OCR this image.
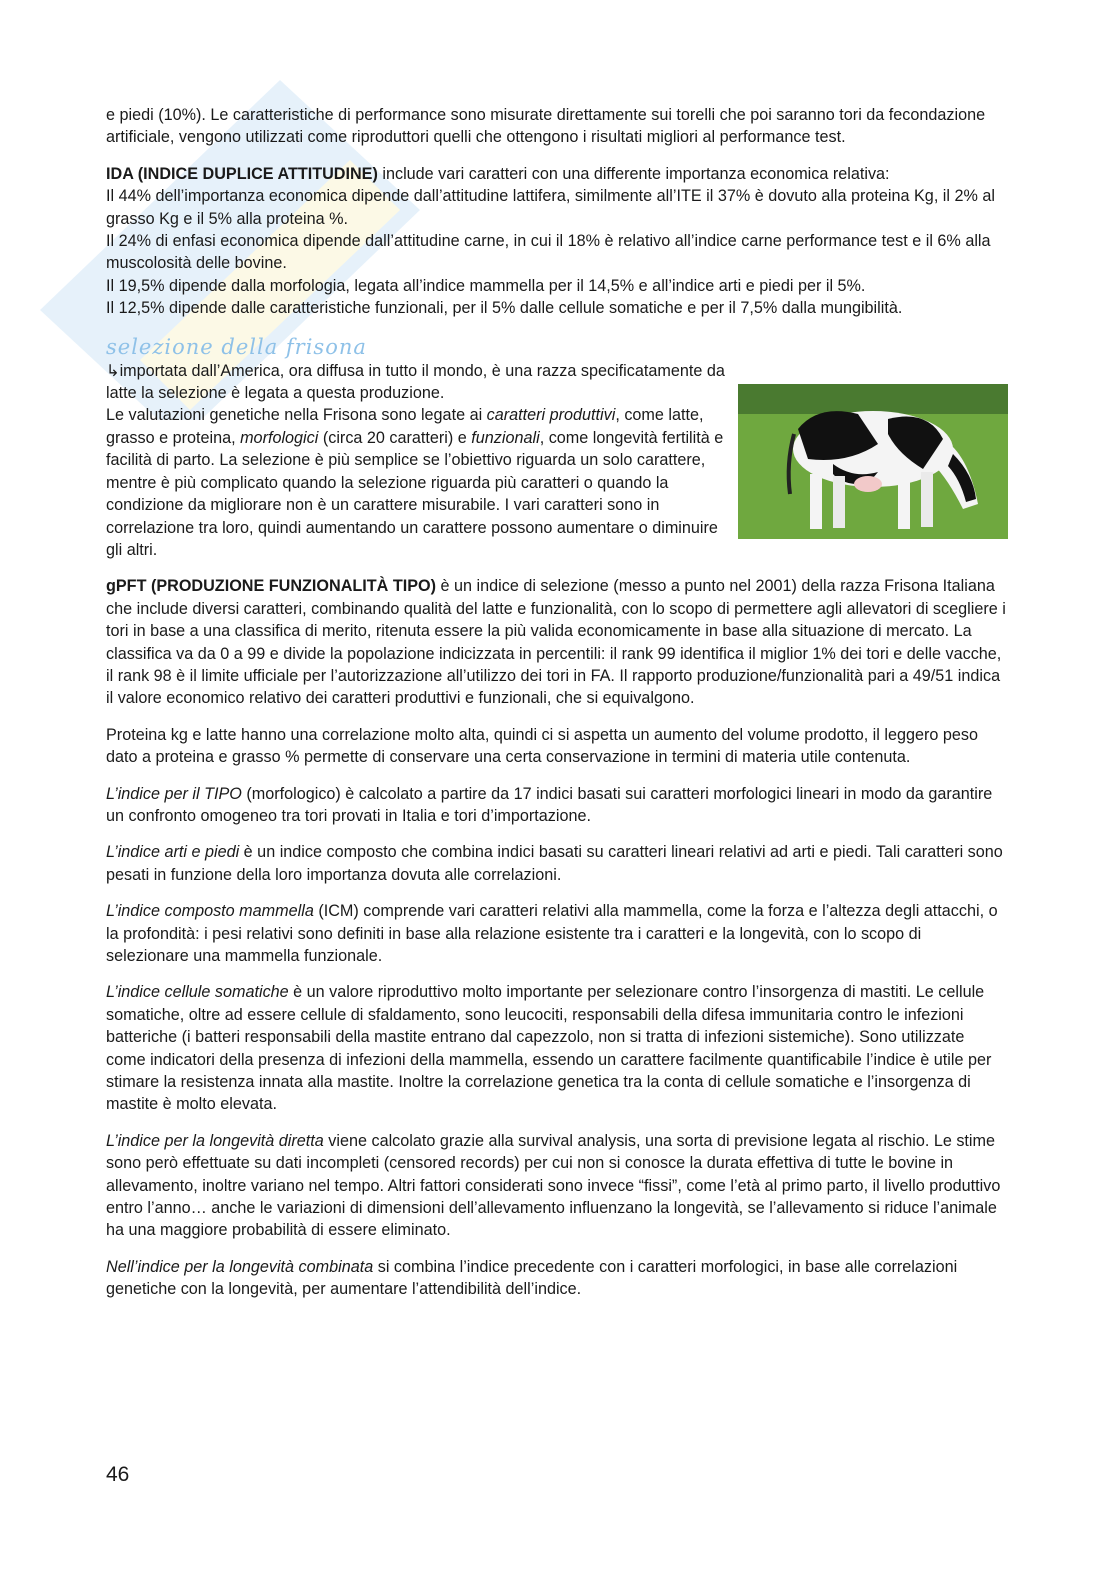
e piedi (10%). Le caratteristiche di performance sono misurate direttamente sui torelli che poi saranno tori da fecondazione artificiale, vengono utilizzati come riproduttori quelli che ottengono i risultati migliori al performance test.

IDA (INDICE DUPLICE ATTITUDINE) include vari caratteri con una differente importanza economica relativa:

Il 44% dell’importanza economica dipende dall’attitudine lattifera, similmente all’ITE il 37% è dovuto alla proteina Kg, il 2% al grasso Kg e il 5% alla proteina %.

Il 24% di enfasi economica dipende dall’attitudine carne, in cui il 18% è relativo all’indice carne performance test e il 6% alla muscolosità delle bovine.

Il 19,5% dipende dalla morfologia, legata all’indice mammella per il 14,5% e all’indice arti e piedi per il 5%.

Il 12,5% dipende dalle caratteristiche funzionali, per il 5% dalle cellule somatiche e per il 7,5% dalla mungibilità.

selezione della frisona

↳importata dall’America, ora diffusa in tutto il mondo, è una razza specificatamente da latte la selezione è legata a questa produzione.

Le valutazioni genetiche nella Frisona sono legate ai caratteri produttivi, come latte, grasso e proteina, morfologici (circa 20 caratteri) e funzionali, come longevità fertilità e facilità di parto. La selezione è più semplice se l’obiettivo riguarda un solo carattere, mentre è più complicato quando la selezione riguarda più caratteri o quando la condizione da migliorare non è un carattere misurabile. I vari caratteri sono in correlazione tra loro, quindi aumentando un carattere possono aumentare o diminuire gli altri.

gPFT (PRODUZIONE FUNZIONALITÀ TIPO) è un indice di selezione (messo a punto nel 2001) della razza Frisona Italiana che include diversi caratteri, combinando qualità del latte e funzionalità, con lo scopo di permettere agli allevatori di scegliere i tori in base a una classifica di merito, ritenuta essere la più valida economicamente in base alla situazione di mercato. La classifica va da 0 a 99 e divide la popolazione indicizzata in percentili: il rank 99 identifica il miglior 1% dei tori e delle vacche, il rank 98 è il limite ufficiale per l’autorizzazione all’utilizzo dei tori in FA. Il rapporto produzione/funzionalità pari a 49/51 indica il valore economico relativo dei caratteri produttivi e funzionali, che si equivalgono.

Proteina kg e latte hanno una correlazione molto alta, quindi ci si aspetta un aumento del volume prodotto, il leggero peso dato a proteina e grasso % permette di conservare una certa conservazione in termini di materia utile contenuta.

L’indice per il TIPO (morfologico) è calcolato a partire da 17 indici basati sui caratteri morfologici lineari in modo da garantire un confronto omogeneo tra tori provati in Italia e tori d’importazione.

L’indice arti e piedi è un indice composto che combina indici basati su caratteri lineari relativi ad arti e piedi. Tali caratteri sono pesati in funzione della loro importanza dovuta alle correlazioni.

L’indice composto mammella (ICM) comprende vari caratteri relativi alla mammella, come la forza e l’altezza degli attacchi, o la profondità: i pesi relativi sono definiti in base alla relazione esistente tra i caratteri e la longevità, con lo scopo di selezionare una mammella funzionale.

L’indice cellule somatiche è un valore riproduttivo molto importante per selezionare contro l’insorgenza di mastiti. Le cellule somatiche, oltre ad essere cellule di sfaldamento, sono leucociti, responsabili della difesa immunitaria contro le infezioni batteriche (i batteri responsabili della mastite entrano dal capezzolo, non si tratta di infezioni sistemiche). Sono utilizzate come indicatori della presenza di infezioni della mammella, essendo un carattere facilmente quantificabile l’indice è utile per stimare la resistenza innata alla mastite. Inoltre la correlazione genetica tra la conta di cellule somatiche e l’insorgenza di mastite è molto elevata.

L’indice per la longevità diretta viene calcolato grazie alla survival analysis, una sorta di previsione legata al rischio. Le stime sono però effettuate su dati incompleti (censored records) per cui non si conosce la durata effettiva di tutte le bovine in allevamento, inoltre variano nel tempo. Altri fattori considerati sono invece “fissi”, come l’età al primo parto, il livello produttivo entro l’anno… anche le variazioni di dimensioni dell’allevamento influenzano la longevità, se l’allevamento si riduce l’animale ha una maggiore probabilità di essere eliminato.

Nell’indice per la longevità combinata si combina l’indice precedente con i caratteri morfologici, in base alle correlazioni genetiche con la longevità, per aumentare l’attendibilità dell’indice.

46
